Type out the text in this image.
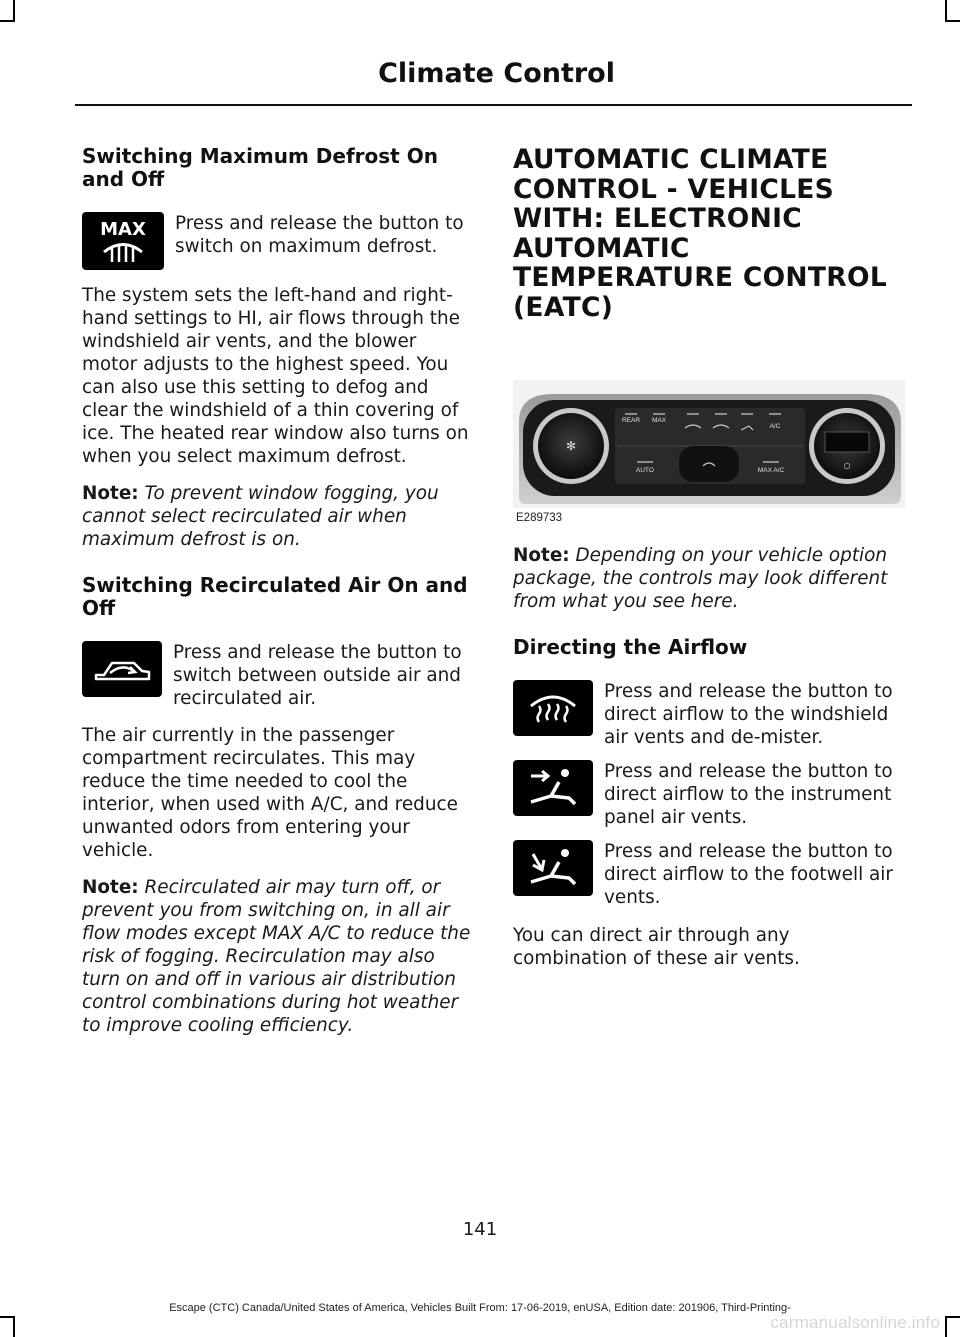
Climate Control
Switching Maximum Defrost On and Off
MAX Press and release the button to switch on maximum defrost.

The system sets the left-hand and right-hand settings to HI, air flows through the windshield air vents, and the blower motor adjusts to the highest speed. You can also use this setting to defog and clear the windshield of a thin covering of ice. The heated rear window also turns on when you select maximum defrost.

Note: To prevent window fogging, you cannot select recirculated air when maximum defrost is on.

Switching Recirculated Air On and Off

Press and release the button to switch between outside air and recirculated air.

The air currently in the passenger compartment recirculates. This may reduce the time needed to cool the interior, when used with A/C, and reduce unwanted odors from entering your vehicle.

Note: Recirculated air may turn off, or prevent you from switching on, in all air flow modes except MAX A/C to reduce the risk of fogging. Recirculation may also turn on and off in various air distribution control combinations during hot weather to improve cooling efficiency.

AUTOMATIC CLIMATE CONTROL - VEHICLES WITH: ELECTRONIC AUTOMATIC TEMPERATURE CONTROL (EATC)
✻
○
REAR MAX
A/C
AUTO	MAX A/C
E289733

Note: Depending on your vehicle option package, the controls may look different from what you see here.

Directing the Airflow

Press and release the button to direct airflow to the windshield air vents and de-mister.

Press and release the button to direct airflow to the instrument panel air vents.

Press and release the button to direct airflow to the footwell air vents.

You can direct air through any combination of these air vents.

141
Escape (CTC) Canada/United States of America, Vehicles Built From: 17-06-2019, enUSA, Edition date: 201906, Third-Printing-
carmanualsonline.info
